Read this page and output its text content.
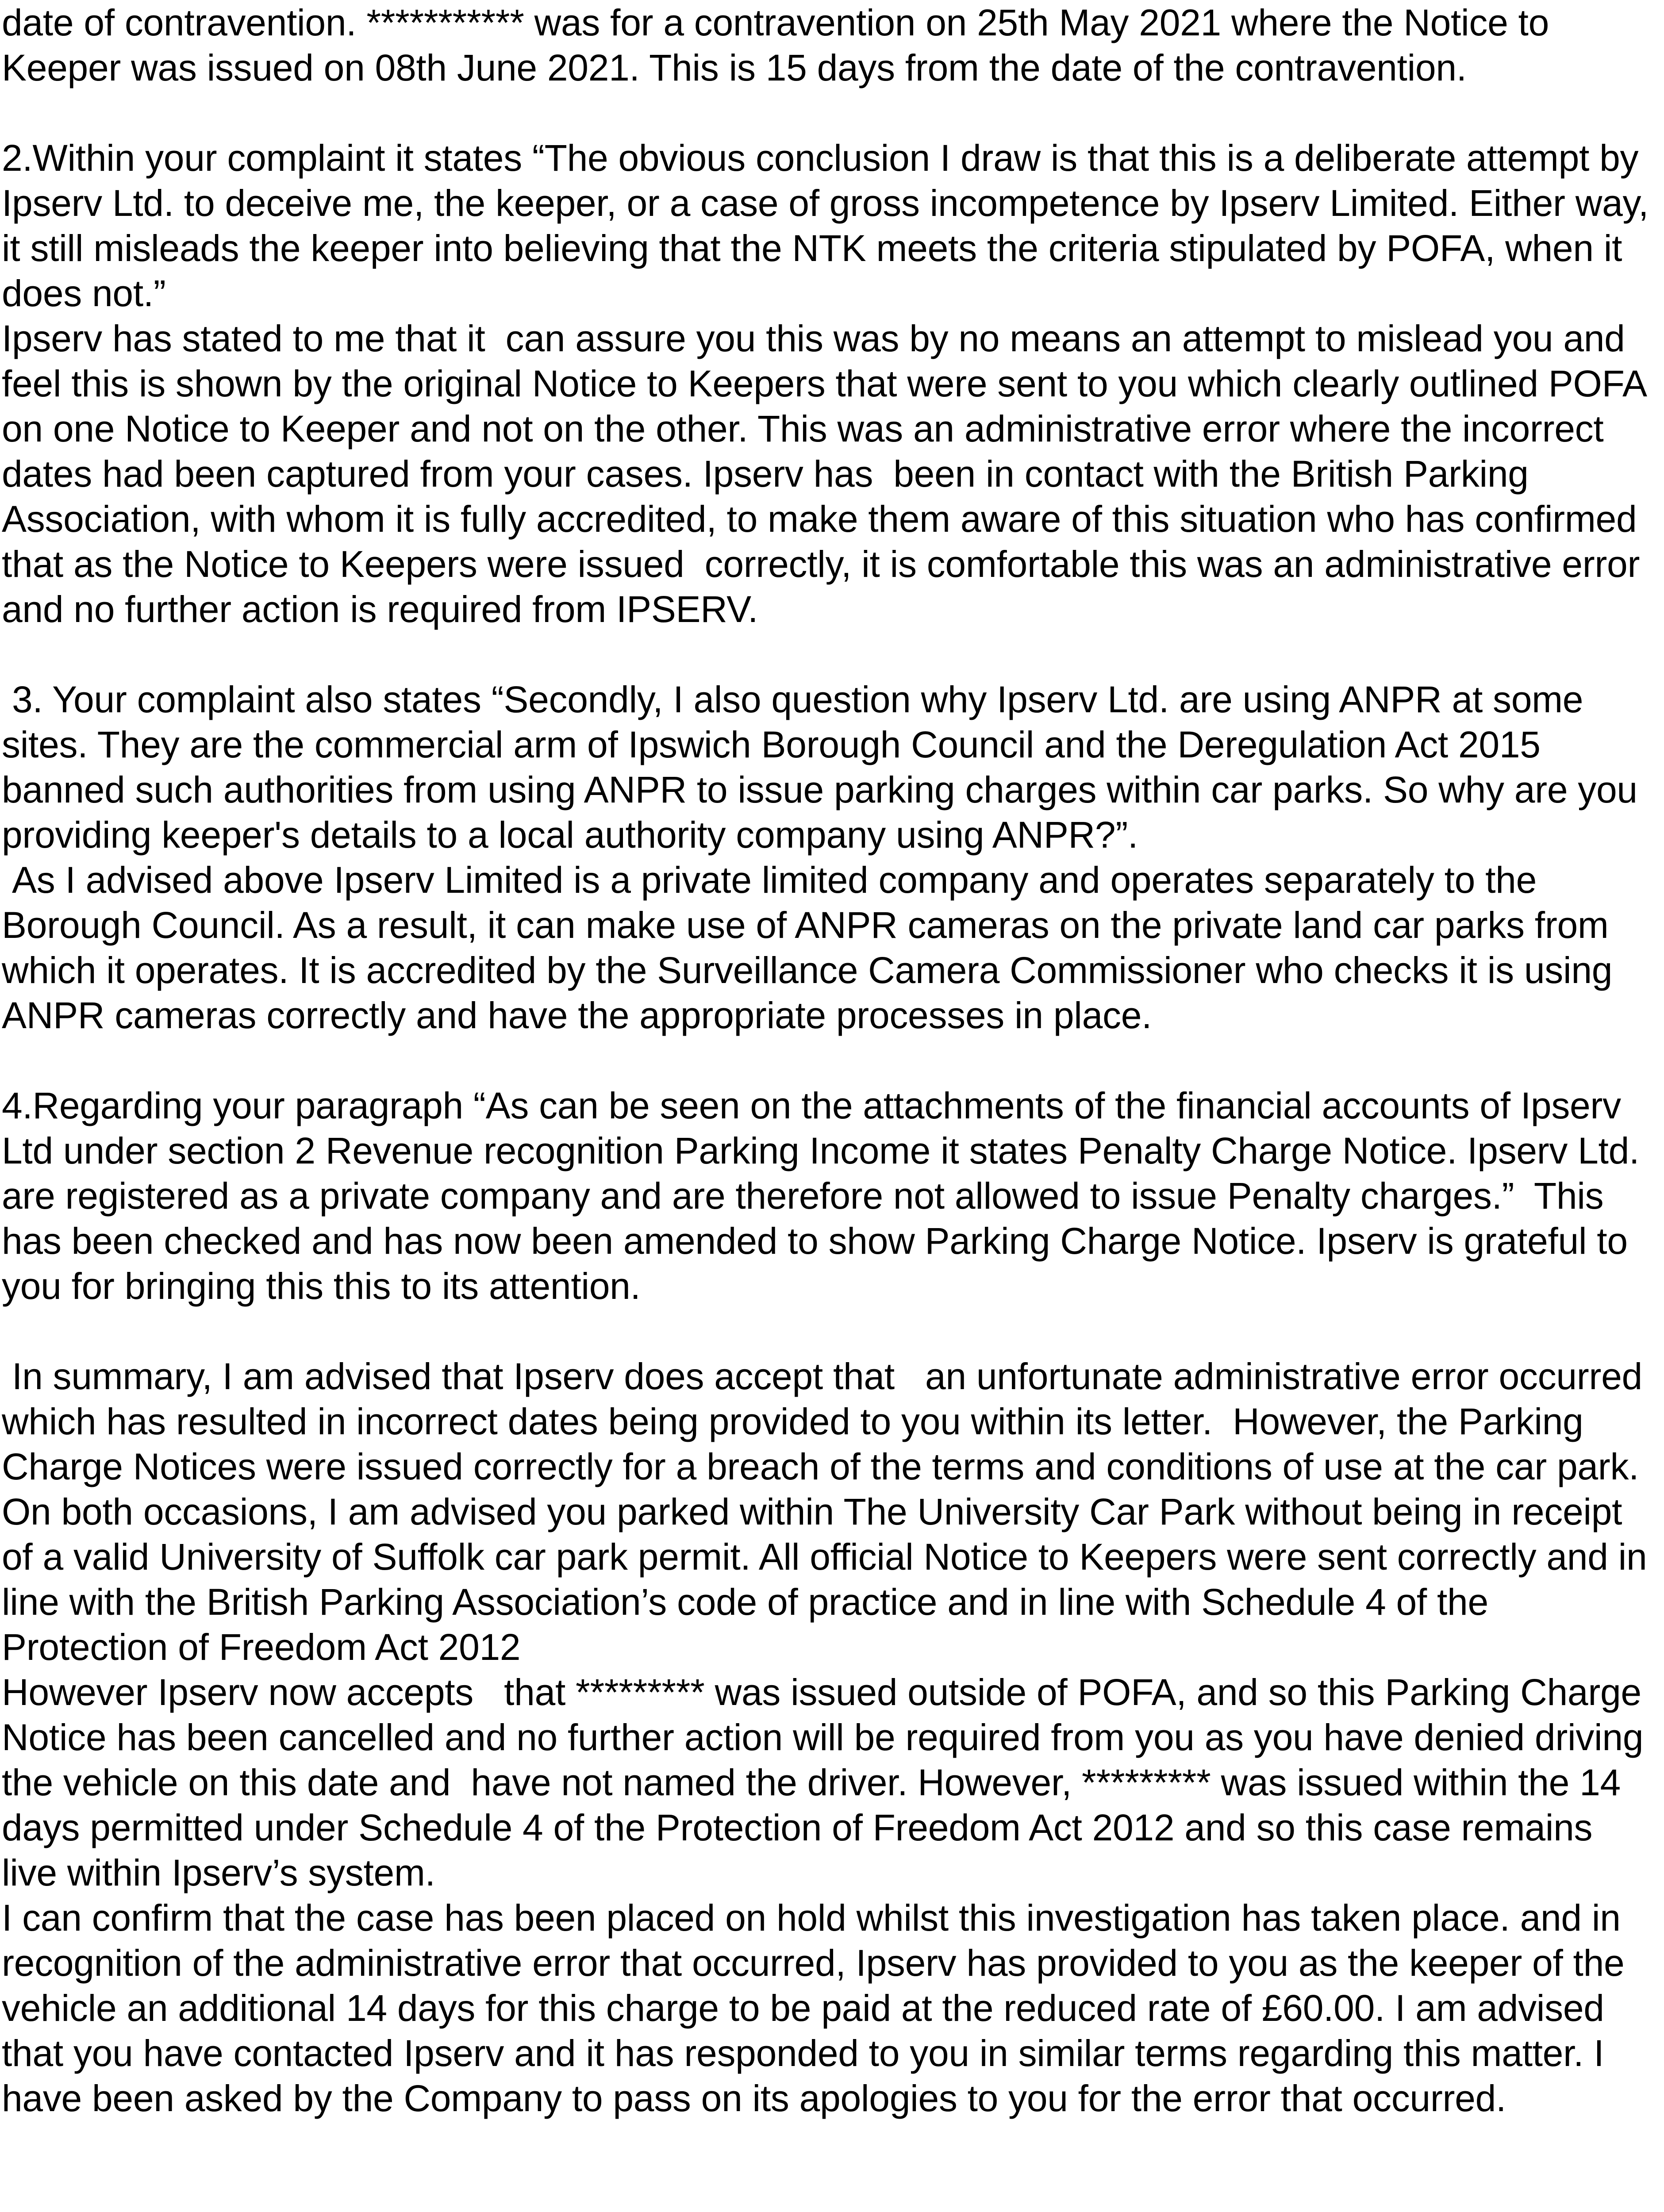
date of contravention. *********** was for a contravention on 25th May 2021 where the Notice to Keeper was issued on 08th June 2021. This is 15 days from the date of the contravention.

2.Within your complaint it states “The obvious conclusion I draw is that this is a deliberate attempt by Ipserv Ltd. to deceive me, the keeper, or a case of gross incompetence by Ipserv Limited. Either way, it still misleads the keeper into believing that the NTK meets the criteria stipulated by POFA, when it does not.”

Ipserv has stated to me that it  can assure you this was by no means an attempt to mislead you and feel this is shown by the original Notice to Keepers that were sent to you which clearly outlined POFA on one Notice to Keeper and not on the other. This was an administrative error where the incorrect dates had been captured from your cases. Ipserv has  been in contact with the British Parking Association, with whom it is fully accredited, to make them aware of this situation who has confirmed that as the Notice to Keepers were issued  correctly, it is comfortable this was an administrative error and no further action is required from IPSERV.

3. Your complaint also states “Secondly, I also question why Ipserv Ltd. are using ANPR at some sites. They are the commercial arm of Ipswich Borough Council and the Deregulation Act 2015 banned such authorities from using ANPR to issue parking charges within car parks. So why are you providing keeper's details to a local authority company using ANPR?”.

As I advised above Ipserv Limited is a private limited company and operates separately to the Borough Council. As a result, it can make use of ANPR cameras on the private land car parks from which it operates. It is accredited by the Surveillance Camera Commissioner who checks it is using ANPR cameras correctly and have the appropriate processes in place.

4.Regarding your paragraph “As can be seen on the attachments of the financial accounts of Ipserv Ltd under section 2 Revenue recognition Parking Income it states Penalty Charge Notice. Ipserv Ltd. are registered as a private company and are therefore not allowed to issue Penalty charges.”  This has been checked and has now been amended to show Parking Charge Notice. Ipserv is grateful to you for bringing this this to its attention.

In summary, I am advised that Ipserv does accept that   an unfortunate administrative error occurred which has resulted in incorrect dates being provided to you within its letter.  However, the Parking Charge Notices were issued correctly for a breach of the terms and conditions of use at the car park. On both occasions, I am advised you parked within The University Car Park without being in receipt of a valid University of Suffolk car park permit. All official Notice to Keepers were sent correctly and in line with the British Parking Association’s code of practice and in line with Schedule 4 of the Protection of Freedom Act 2012

However Ipserv now accepts   that ********* was issued outside of POFA, and so this Parking Charge Notice has been cancelled and no further action will be required from you as you have denied driving the vehicle on this date and  have not named the driver. However, ********* was issued within the 14 days permitted under Schedule 4 of the Protection of Freedom Act 2012 and so this case remains live within Ipserv’s system.

I can confirm that the case has been placed on hold whilst this investigation has taken place. and in recognition of the administrative error that occurred, Ipserv has provided to you as the keeper of the vehicle an additional 14 days for this charge to be paid at the reduced rate of £60.00. I am advised that you have contacted Ipserv and it has responded to you in similar terms regarding this matter. I have been asked by the Company to pass on its apologies to you for the error that occurred.
